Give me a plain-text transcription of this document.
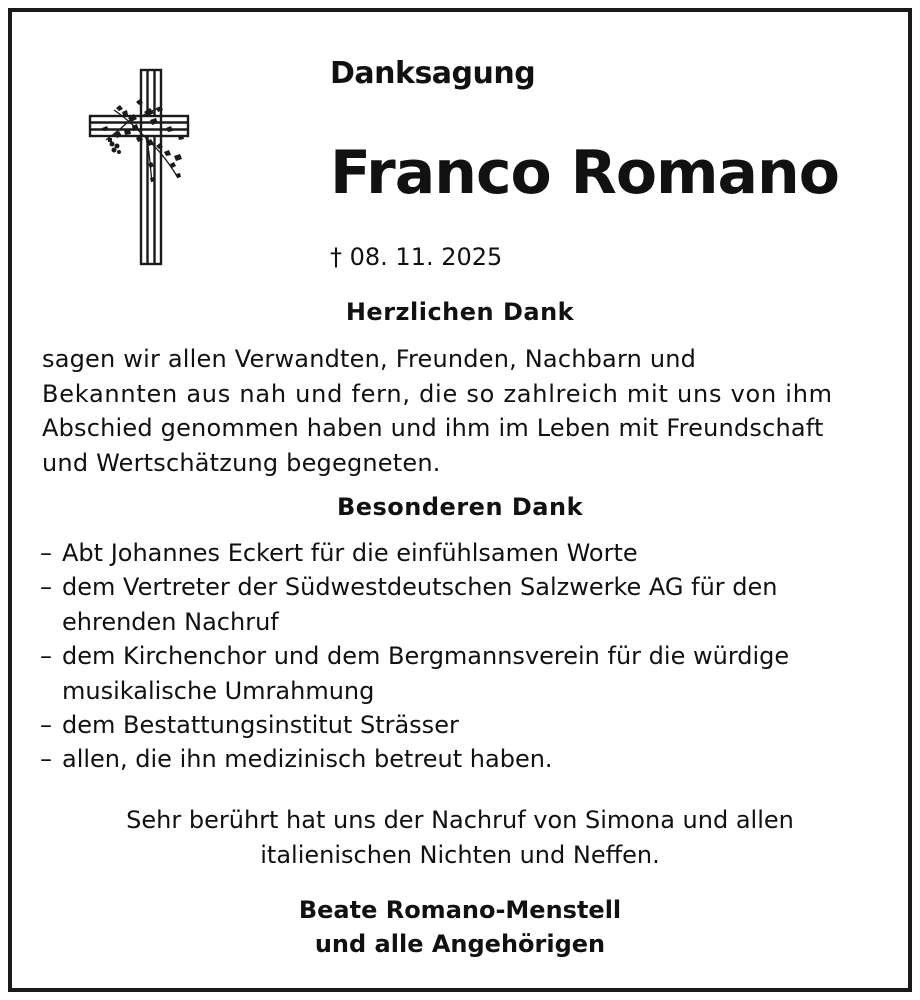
Danksagung
Franco Romano
† 08. 11. 2025
Herzlichen Dank
sagen wir allen Verwandten, Freunden, Nachbarn und
Bekannten aus nah und fern, die so zahlreich mit uns von ihm
Abschied genommen haben und ihm im Leben mit Freundschaft
und Wertschätzung begegneten.
Besonderen Dank
– Abt Johannes Eckert für die einfühlsamen Worte
– dem Vertreter der Südwestdeutschen Salzwerke AG für den
ehrenden Nachruf
– dem Kirchenchor und dem Bergmannsverein für die würdige
musikalische Umrahmung
– dem Bestattungsinstitut Strässer
– allen, die ihn medizinisch betreut haben.
Sehr berührt hat uns der Nachruf von Simona und allen
italienischen Nichten und Neffen.
Beate Romano-Menstell
und alle Angehörigen
